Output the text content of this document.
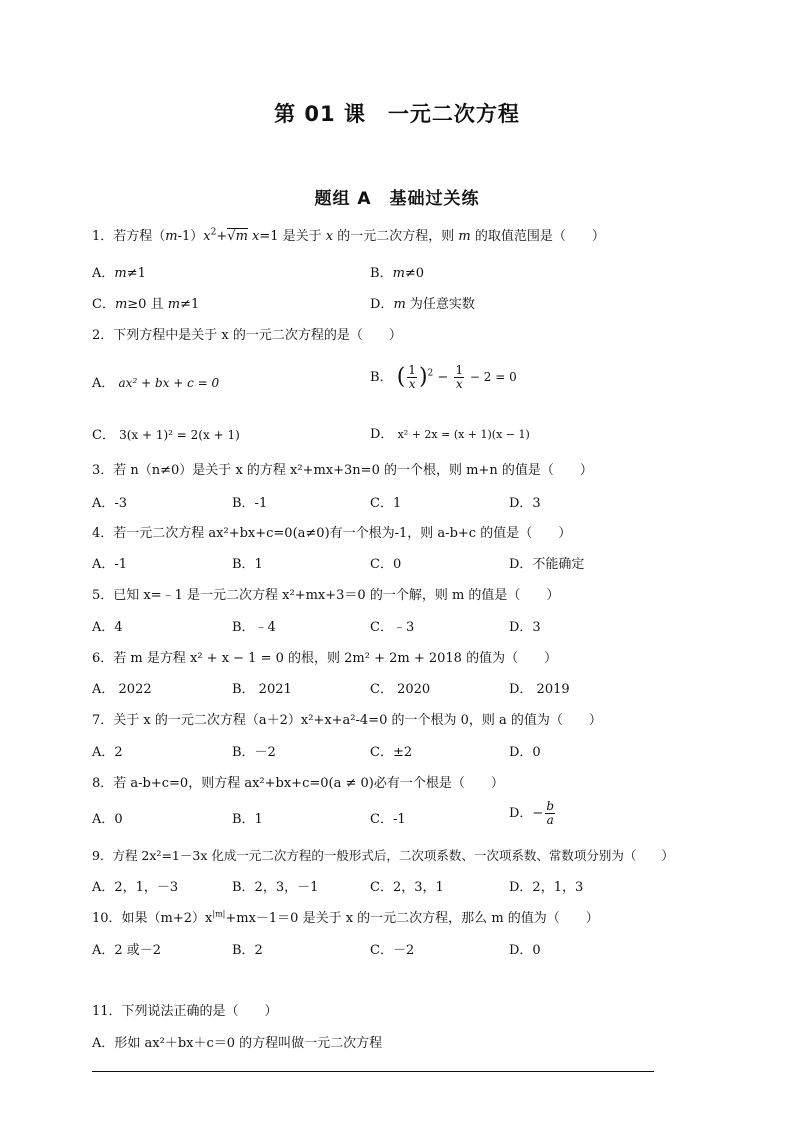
第 01 课　一元二次方程
题组 A　基础过关练
1．若方程$(m-1)x^2+√m$ x=1 是关于 x 的一元二次方程，则 m 的取值范围是（　　）
A．m≠1	B．m≠0
C．m≥0 且 m≠1	D．m 为任意实数
2．下列方程中是关于 x 的一元二次方程的是（　　）
A． ax² + bx + c = 0	B． ( $\frac{1}{x} )^2 - \frac{1}{x} - 2 = 0$
C． 3(x + 1)² = 2(x + 1)	D． x² + 2x = (x + 1)(x − 1)
3．若 n（n≠0）是关于 x 的方程 x²+mx+3n=0 的一个根，则 m+n 的值是（　　）
A．-3	B．-1	C．1	D．3
4．若一元二次方程 ax²+bx+c=0(a≠0)有一个根为-1，则 a-b+c 的值是（　　）
A．-1	B．1	C．0	D．不能确定
5．已知 x=﹣1 是一元二次方程 x²+mx+3＝0 的一个解，则 m 的值是（　　）
A．4	B．﹣4	C．﹣3	D．3
6．若 m 是方程 x² + x − 1 = 0 的根，则 2m² + 2m + 2018 的值为（　　）
A． 2022	B． 2021	C． 2020	D． 2019
7．关于 x 的一元二次方程（a＋2）x²+x+a²-4=0 的一个根为 0，则 a 的值为（　　）
A．2	B．－2	C．±2	D．0
8．若 a-b+c=0，则方程 ax²+bx+c=0(a ≠ 0)必有一个根是（　　）
A．0	B．1	C．-1	D．− $\frac{b}{a}$
9．方程 2x²=1－3x 化成一元二次方程的一般形式后，二次项系数、一次项系数、常数项分别为（　　）
A．2，1，－3	B．2，3，－1	C．2，3，1	D．2，1，3
10．如果$(m+2)x^{|m|}+mx-1=0$ 是关于 x 的一元二次方程，那么 m 的值为（　　）
A．2 或－2	B．2	C．－2	D．0
11．下列说法正确的是（　　）
A．形如 ax²＋bx＋c＝0 的方程叫做一元二次方程
